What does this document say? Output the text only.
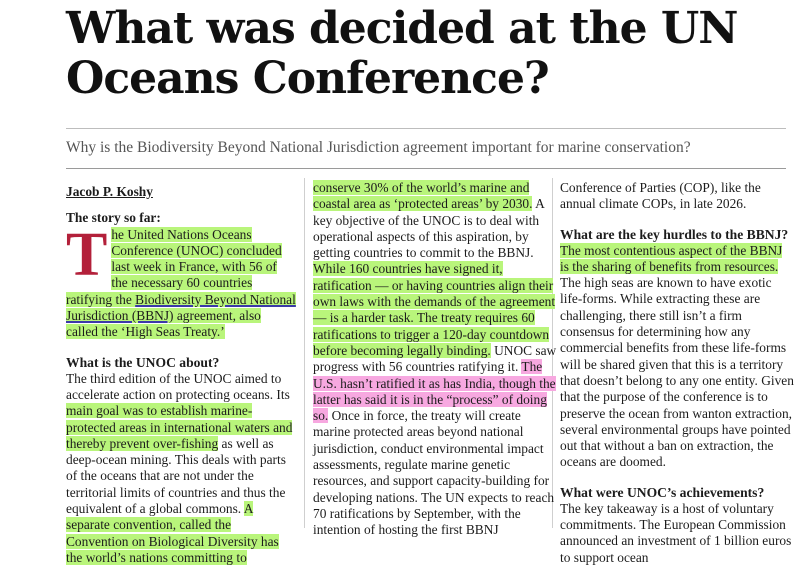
What was decided at the UN Oceans Conference?

Why is the Biodiversity Beyond National Jurisdiction agreement important for marine conservation?

Jacob P. Koshy
The story so far:

The United Nations Oceans Conference (UNOC) concluded last week in France, with 56 of the necessary 60 countries ratifying the Biodiversity Beyond National Jurisdiction (BBNJ) agreement, also called the ‘High Seas Treaty.’

What is the UNOC about?

The third edition of the UNOC aimed to accelerate action on protecting oceans. Its main goal was to establish marine-protected areas in international waters and thereby prevent over-fishing as well as deep-ocean mining. This deals with parts of the oceans that are not under the territorial limits of countries and thus the equivalent of a global commons. A separate convention, called the Convention on Biological Diversity has the world’s nations committing to

conserve 30% of the world’s marine and coastal area as ‘protected areas’ by 2030. A key objective of the UNOC is to deal with operational aspects of this aspiration, by getting countries to commit to the BBNJ. While 160 countries have signed it, ratification — or having countries align their own laws with the demands of the agreement — is a harder task. The treaty requires 60 ratifications to trigger a 120-day countdown before becoming legally binding. UNOC saw progress with 56 countries ratifying it. The U.S. hasn’t ratified it as has India, though the latter has said it is in the “process” of doing so. Once in force, the treaty will create marine protected areas beyond national jurisdiction, conduct environmental impact assessments, regulate marine genetic resources, and support capacity-building for developing nations. The UN expects to reach 70 ratifications by September, with the intention of hosting the first BBNJ

Conference of Parties (COP), like the annual climate COPs, in late 2026.

What are the key hurdles to the BBNJ?

The most contentious aspect of the BBNJ is the sharing of benefits from resources. The high seas are known to have exotic life-forms. While extracting these are challenging, there still isn’t a firm consensus for determining how any commercial benefits from these life-forms will be shared given that this is a territory that doesn’t belong to any one entity. Given that the purpose of the conference is to preserve the ocean from wanton extraction, several environmental groups have pointed out that without a ban on extraction, the oceans are doomed.

What were UNOC’s achievements?

The key takeaway is a host of voluntary commitments. The European Commission announced an investment of 1 billion euros to support ocean
